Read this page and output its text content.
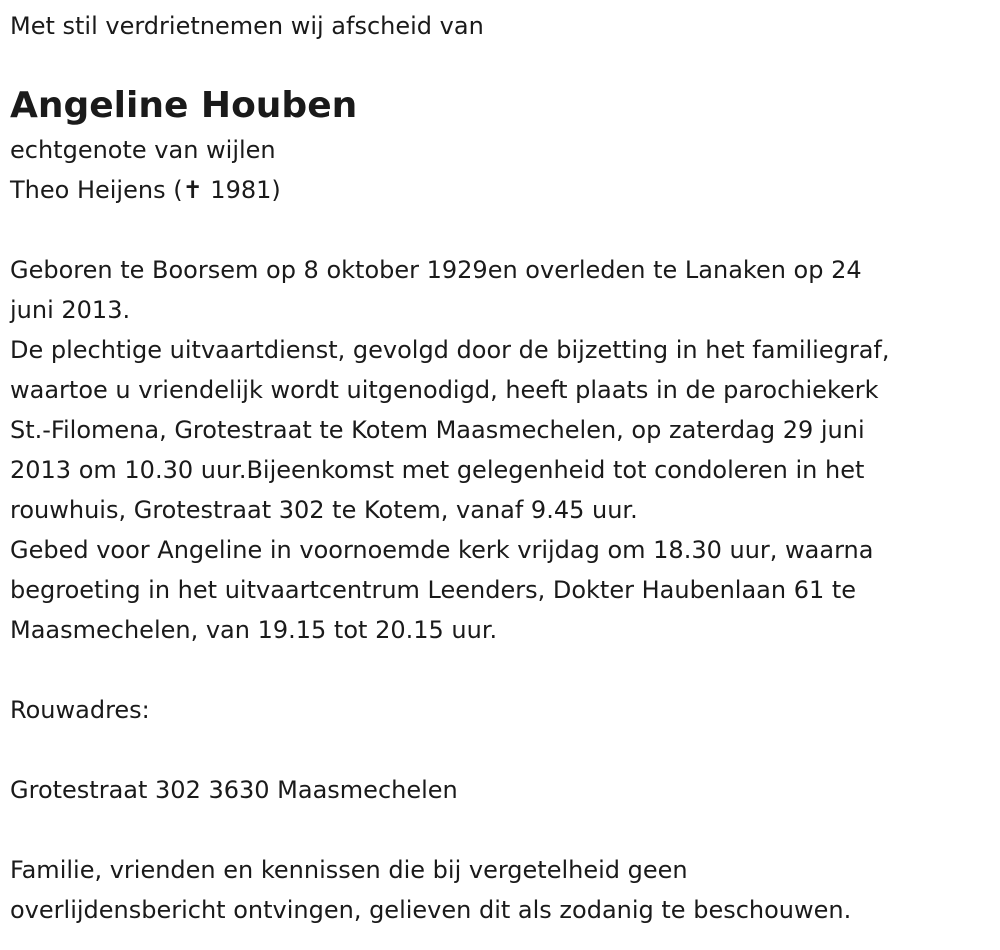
Met stil verdrietnemen wij afscheid van

Angeline Houben

echtgenote van wijlen

Theo Heijens (✝ 1981)

Geboren te Boorsem op 8 oktober 1929en overleden te Lanaken op 24

juni 2013.

De plechtige uitvaartdienst, gevolgd door de bijzetting in het familiegraf,

waartoe u vriendelijk wordt uitgenodigd, heeft plaats in de parochiekerk

St.-Filomena, Grotestraat te Kotem Maasmechelen, op zaterdag 29 juni

2013 om 10.30 uur.Bijeenkomst met gelegenheid tot condoleren in het

rouwhuis, Grotestraat 302 te Kotem, vanaf 9.45 uur.

Gebed voor Angeline in voornoemde kerk vrijdag om 18.30 uur, waarna

begroeting in het uitvaartcentrum Leenders, Dokter Haubenlaan 61 te

Maasmechelen, van 19.15 tot 20.15 uur.

Rouwadres:

Grotestraat 302 3630 Maasmechelen

Familie, vrienden en kennissen die bij vergetelheid geen

overlijdensbericht ontvingen, gelieven dit als zodanig te beschouwen.
